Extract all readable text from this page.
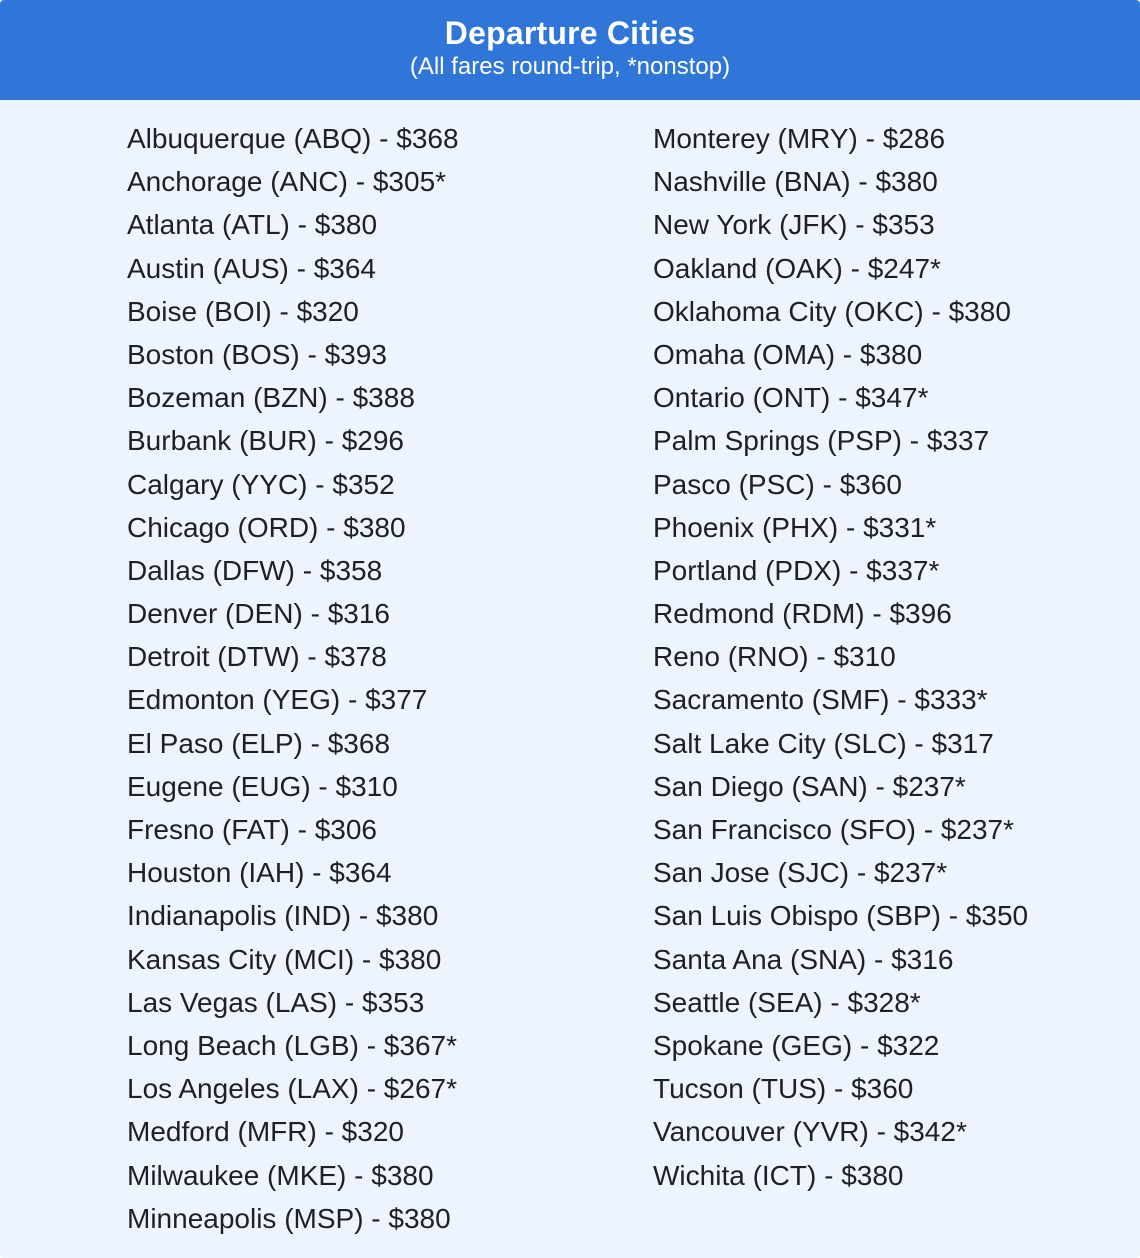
Departure Cities
(All fares round-trip, *nonstop)
Albuquerque (ABQ) - $368
Anchorage (ANC) - $305*
Atlanta (ATL) - $380
Austin (AUS) - $364
Boise (BOI) - $320
Boston (BOS) - $393
Bozeman (BZN) - $388
Burbank (BUR) - $296
Calgary (YYC) - $352
Chicago (ORD) - $380
Dallas (DFW) - $358
Denver (DEN) - $316
Detroit (DTW) - $378
Edmonton (YEG) - $377
El Paso (ELP) - $368
Eugene (EUG) - $310
Fresno (FAT) - $306
Houston (IAH) - $364
Indianapolis (IND) - $380
Kansas City (MCI) - $380
Las Vegas (LAS) - $353
Long Beach (LGB) - $367*
Los Angeles (LAX) - $267*
Medford (MFR) - $320
Milwaukee (MKE) - $380
Minneapolis (MSP) - $380
Monterey (MRY) - $286
Nashville (BNA) - $380
New York (JFK) - $353
Oakland (OAK) - $247*
Oklahoma City (OKC) - $380
Omaha (OMA) - $380
Ontario (ONT) - $347*
Palm Springs (PSP) - $337
Pasco (PSC) - $360
Phoenix (PHX) - $331*
Portland (PDX) - $337*
Redmond (RDM) - $396
Reno (RNO) - $310
Sacramento (SMF) - $333*
Salt Lake City (SLC) - $317
San Diego (SAN) - $237*
San Francisco (SFO) - $237*
San Jose (SJC) - $237*
San Luis Obispo (SBP) - $350
Santa Ana (SNA) - $316
Seattle (SEA) - $328*
Spokane (GEG) - $322
Tucson (TUS) - $360
Vancouver (YVR) - $342*
Wichita (ICT) - $380
